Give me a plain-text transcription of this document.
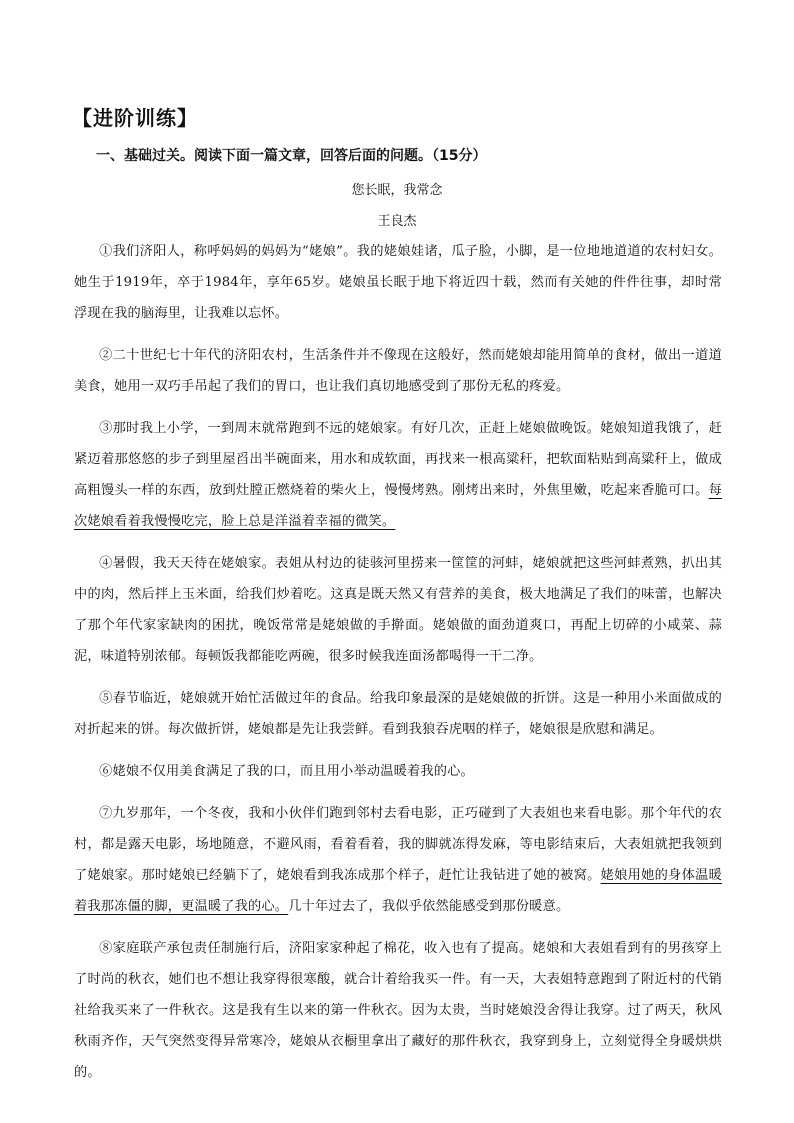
【进阶训练】
一、基础过关。阅读下面一篇文章，回答后面的问题。（15分）
您长眠，我常念
王良杰

①我们济阳人，称呼妈妈的妈妈为“姥娘”。我的姥娘娃诸，瓜子脸，小脚，是一位地地道道的农村妇女。她生于1919年，卒于1984年，享年65岁。姥娘虽长眠于地下将近四十载，然而有关她的件件往事，却时常浮现在我的脑海里，让我难以忘怀。

②二十世纪七十年代的济阳农村，生活条件并不像现在这般好，然而姥娘却能用简单的食材，做出一道道美食，她用一双巧手吊起了我们的胃口，也让我们真切地感受到了那份无私的疼爱。

③那时我上小学，一到周末就常跑到不远的姥娘家。有好几次，正赶上姥娘做晚饭。姥娘知道我饿了，赶紧迈着那悠悠的步子到里屋舀出半碗面来，用水和成软面，再找来一根高粱秆，把软面粘贴到高粱秆上，做成高粗馒头一样的东西，放到灶膛正燃烧着的柴火上，慢慢烤熟。刚烤出来时，外焦里嫩，吃起来香脆可口。每次姥娘看着我慢慢吃完，脸上总是洋溢着幸福的微笑。

④暑假，我天天待在姥娘家。表姐从村边的徒骇河里捞来一筐筐的河蚌，姥娘就把这些河蚌煮熟，扒出其中的肉，然后拌上玉米面，给我们炒着吃。这真是既天然又有营养的美食，极大地满足了我们的味蕾，也解决了那个年代家家缺肉的困扰，晚饭常常是姥娘做的手擀面。姥娘做的面劲道爽口，再配上切碎的小咸菜、蒜泥，味道特别浓郁。每顿饭我都能吃两碗，很多时候我连面汤都喝得一干二净。

⑤春节临近，姥娘就开始忙活做过年的食品。给我印象最深的是姥娘做的折饼。这是一种用小米面做成的对折起来的饼。每次做折饼，姥娘都是先让我尝鲜。看到我狼吞虎咽的样子，姥娘很是欣慰和满足。

⑥姥娘不仅用美食满足了我的口，而且用小举动温暖着我的心。

⑦九岁那年，一个冬夜，我和小伙伴们跑到邻村去看电影，正巧碰到了大表姐也来看电影。那个年代的农村，都是露天电影，场地随意，不避风雨，看着看着，我的脚就冻得发麻，等电影结束后，大表姐就把我领到了姥娘家。那时姥娘已经躺下了，姥娘看到我冻成那个样子，赶忙让我钻进了她的被窝。姥娘用她的身体温暖着我那冻僵的脚，更温暖了我的心。几十年过去了，我似乎依然能感受到那份暖意。

⑧家庭联产承包责任制施行后，济阳家家种起了棉花，收入也有了提高。姥娘和大表姐看到有的男孩穿上了时尚的秋衣，她们也不想让我穿得很寒酸，就合计着给我买一件。有一天，大表姐特意跑到了附近村的代销社给我买来了一件秋衣。这是我有生以来的第一件秋衣。因为太贵，当时姥娘没舍得让我穿。过了两天，秋风秋雨齐作，天气突然变得异常寒冷，姥娘从衣橱里拿出了藏好的那件秋衣，我穿到身上，立刻觉得全身暖烘烘的。
